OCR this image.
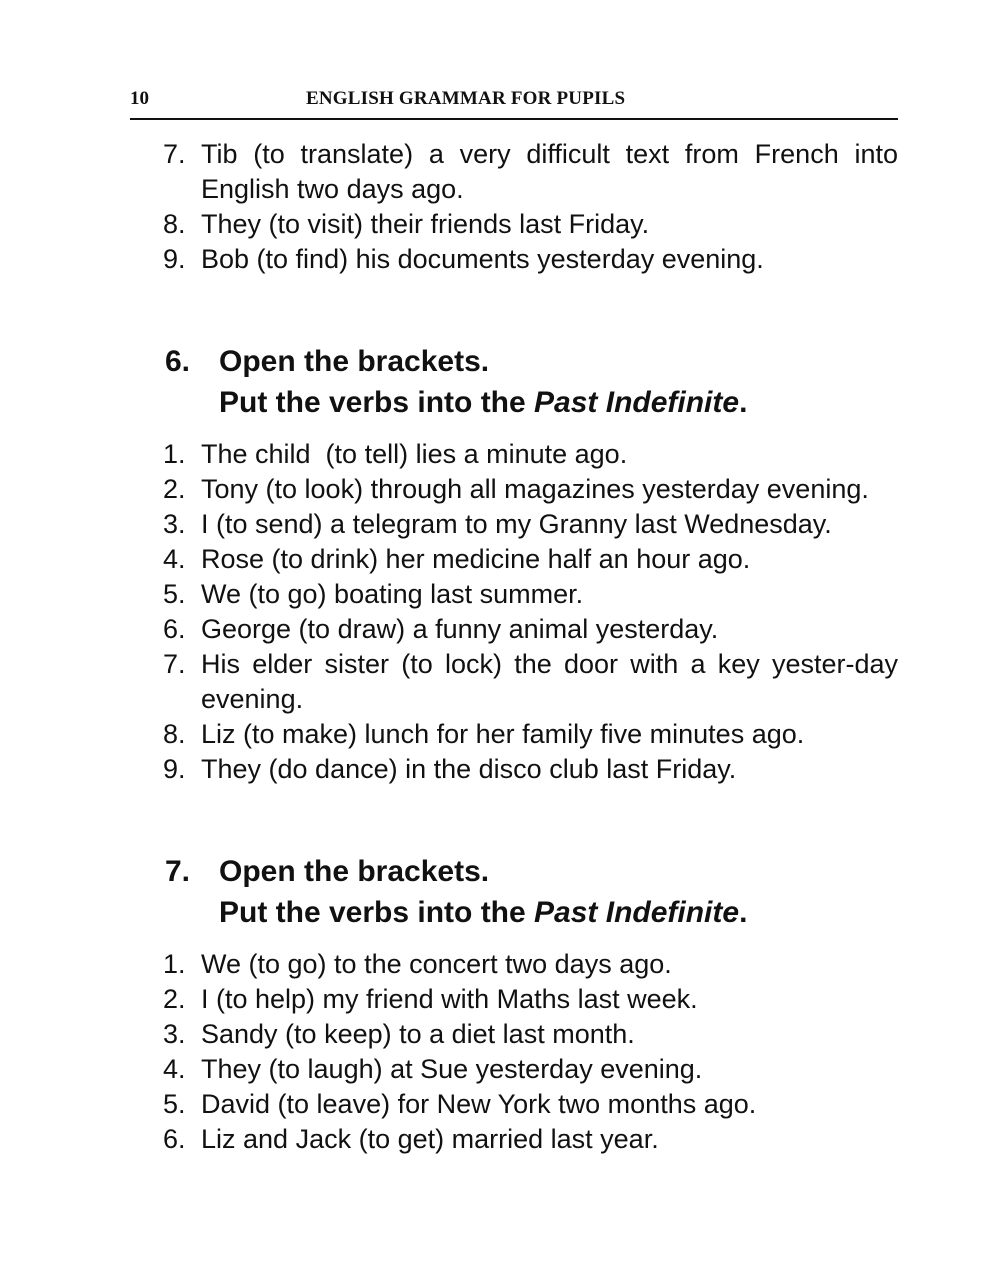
10	ENGLISH GRAMMAR FOR PUPILS
7. Tib (to translate) a very difficult text from French into English two days ago.
8. They (to visit) their friends last Friday.
9. Bob (to find) his documents yesterday evening.
6. Open the brackets.
Put the verbs into the Past Indefinite.
1. The child  (to tell) lies a minute ago.
2. Tony (to look) through all magazines yesterday evening.
3. I (to send) a telegram to my Granny last Wednesday.
4. Rose (to drink) her medicine half an hour ago.
5. We (to go) boating last summer.
6. George (to draw) a funny animal yesterday.
7. His elder sister (to lock) the door with a key yester-day evening.
8. Liz (to make) lunch for her family five minutes ago.
9. They (do dance) in the disco club last Friday.
7. Open the brackets.
Put the verbs into the Past Indefinite.
1. We (to go) to the concert two days ago.
2. I (to help) my friend with Maths last week.
3. Sandy (to keep) to a diet last month.
4. They (to laugh) at Sue yesterday evening.
5. David (to leave) for New York two months ago.
6. Liz and Jack (to get) married last year.
